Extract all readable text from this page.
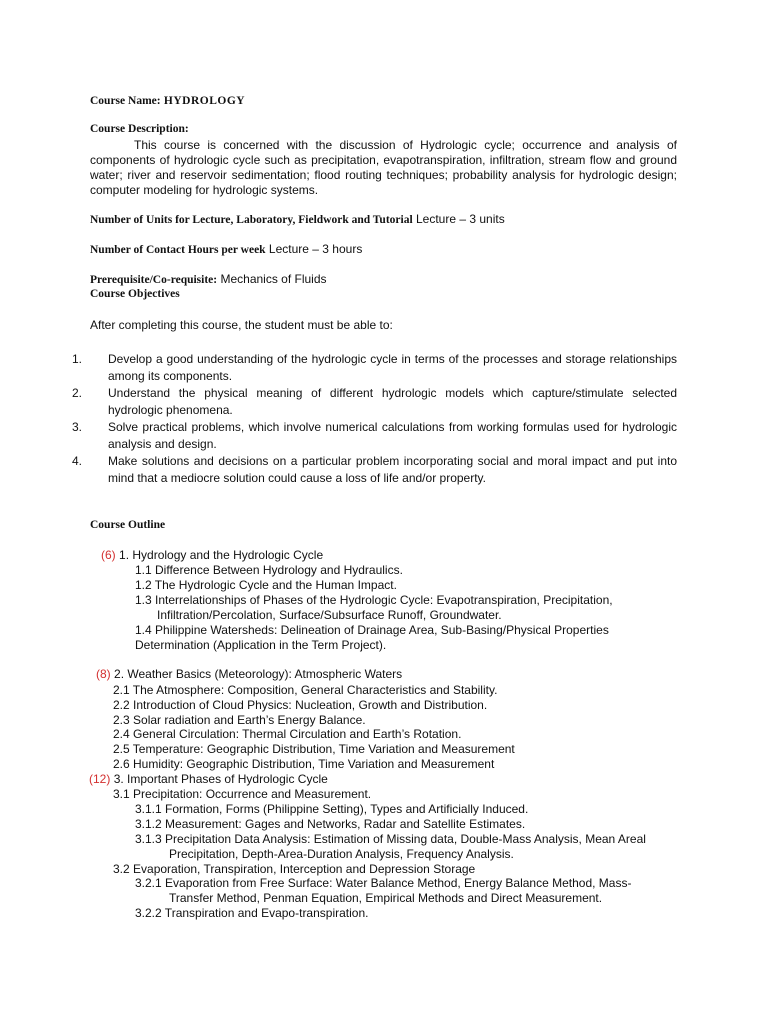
Course Name: HYDROLOGY
Course Description:
This course is concerned with the discussion of Hydrologic cycle; occurrence and analysis of components of hydrologic cycle such as precipitation, evapotranspiration, infiltration, stream flow and ground water; river and reservoir sedimentation; flood routing techniques; probability analysis for hydrologic design; computer modeling for hydrologic systems.
Number of Units for Lecture, Laboratory, Fieldwork and Tutorial Lecture – 3 units
Number of Contact Hours per week Lecture – 3 hours
Prerequisite/Co-requisite: Mechanics of Fluids
Course Objectives
After completing this course, the student must be able to:
1. Develop a good understanding of the hydrologic cycle in terms of the processes and storage relationships among its components.
2. Understand the physical meaning of different hydrologic models which capture/stimulate selected hydrologic phenomena.
3. Solve practical problems, which involve numerical calculations from working formulas used for hydrologic analysis and design.
4. Make solutions and decisions on a particular problem incorporating social and moral impact and put into mind that a mediocre solution could cause a loss of life and/or property.
Course Outline
(6) 1. Hydrology and the Hydrologic Cycle
1.1 Difference Between Hydrology and Hydraulics.
1.2 The Hydrologic Cycle and the Human Impact.
1.3 Interrelationships of Phases of the Hydrologic Cycle: Evapotranspiration, Precipitation,
Infiltration/Percolation, Surface/Subsurface Runoff, Groundwater.
1.4 Philippine Watersheds: Delineation of Drainage Area, Sub-Basing/Physical Properties
Determination (Application in the Term Project).
(8) 2. Weather Basics (Meteorology): Atmospheric Waters
2.1 The Atmosphere: Composition, General Characteristics and Stability.
2.2 Introduction of Cloud Physics: Nucleation, Growth and Distribution.
2.3 Solar radiation and Earth’s Energy Balance.
2.4 General Circulation: Thermal Circulation and Earth’s Rotation.
2.5 Temperature: Geographic Distribution, Time Variation and Measurement
2.6 Humidity: Geographic Distribution, Time Variation and Measurement
(12) 3. Important Phases of Hydrologic Cycle
3.1 Precipitation: Occurrence and Measurement.
3.1.1 Formation, Forms (Philippine Setting), Types and Artificially Induced.
3.1.2 Measurement: Gages and Networks, Radar and Satellite Estimates.
3.1.3 Precipitation Data Analysis: Estimation of Missing data, Double-Mass Analysis, Mean Areal
Precipitation, Depth-Area-Duration Analysis, Frequency Analysis.
3.2 Evaporation, Transpiration, Interception and Depression Storage
3.2.1 Evaporation from Free Surface: Water Balance Method, Energy Balance Method, Mass-
Transfer Method, Penman Equation, Empirical Methods and Direct Measurement.
3.2.2 Transpiration and Evapo-transpiration.
